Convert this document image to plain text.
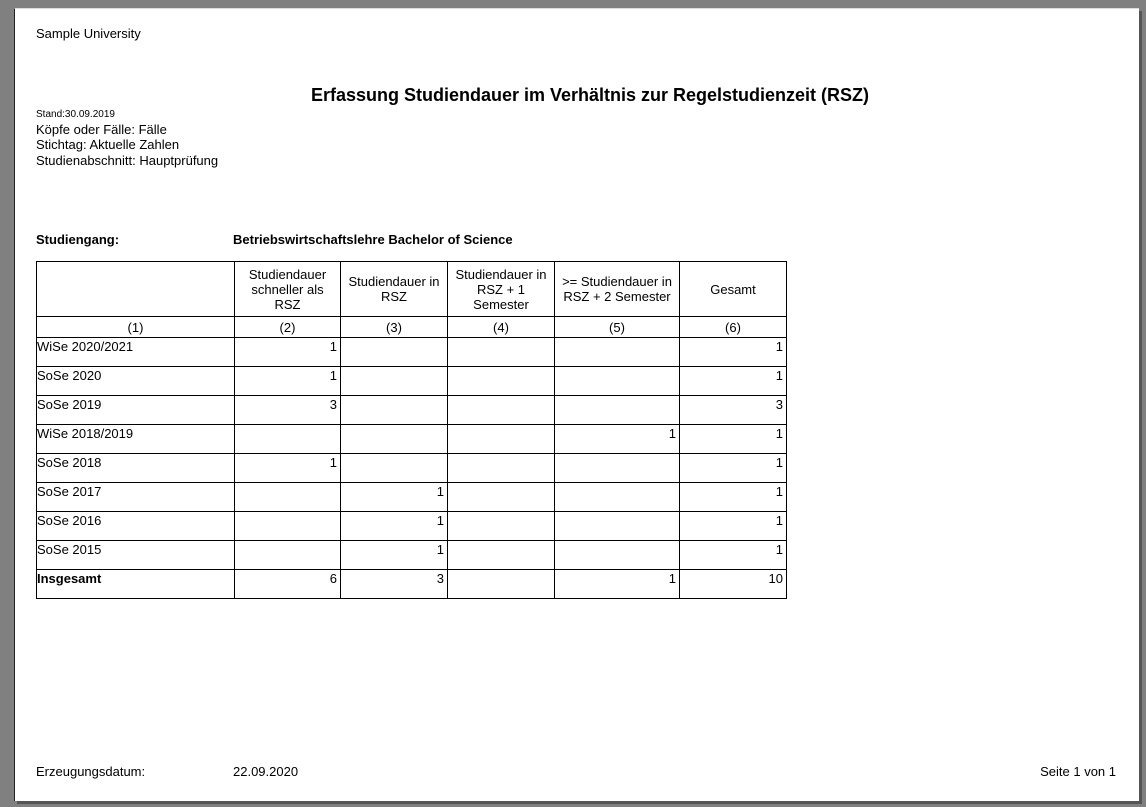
Sample University
Erfassung Studiendauer im Verhältnis zur Regelstudienzeit (RSZ)
Stand:30.09.2019
Köpfe oder Fälle: Fälle
Stichtag: Aktuelle Zahlen
Studienabschnitt: Hauptprüfung
Studiengang:	Betriebswirtschaftslehre Bachelor of Science
	Studiendauer schneller als RSZ	Studiendauer in RSZ	Studiendauer in RSZ + 1 Semester	>= Studiendauer in RSZ + 2 Semester	Gesamt
(1)	(2)	(3)	(4)	(5)	(6)
WiSe 2020/2021	1				1
SoSe 2020	1				1
SoSe 2019	3				3
WiSe 2018/2019				1	1
SoSe 2018	1				1
SoSe 2017		1			1
SoSe 2016		1			1
SoSe 2015		1			1
Insgesamt	6	3		1	10
Erzeugungsdatum:	22.09.2020	Seite 1 von 1
